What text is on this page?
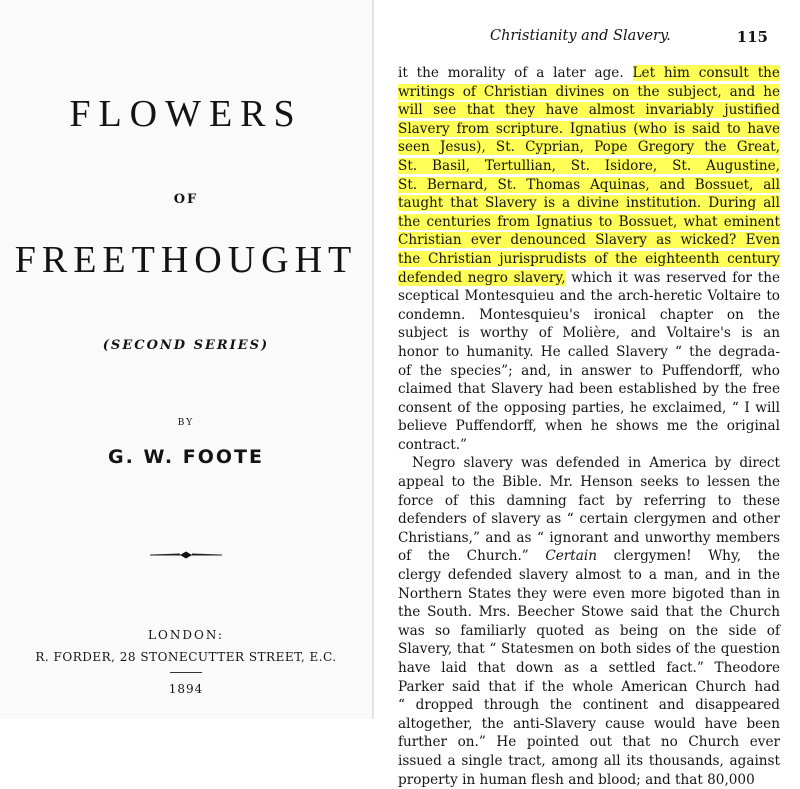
FLOWERS
OF
FREETHOUGHT
(SECOND SERIES)
BY
G. W. FOOTE
LONDON:
R. FORDER, 28 STONECUTTER STREET, E.C.
1894
Christianity and Slavery.	115
it the morality of a later age. Let him consult the
writings of Christian divines on the subject, and he
will see that they have almost invariably justified
Slavery from scripture. Ignatius (who is said to have
seen Jesus), St. Cyprian, Pope Gregory the Great,
St. Basil, Tertullian, St. Isidore, St. Augustine,
St. Bernard, St. Thomas Aquinas, and Bossuet, all
taught that Slavery is a divine institution. During all
the centuries from Ignatius to Bossuet, what eminent
Christian ever denounced Slavery as wicked? Even
the Christian jurisprudists of the eighteenth century
defended negro slavery, which it was reserved for the
sceptical Montesquieu and the arch-heretic Voltaire to
condemn. Montesquieu's ironical chapter on the
subject is worthy of Molière, and Voltaire's is an
honor to humanity. He called Slavery “ the degrada-
of the species”; and, in answer to Puffendorff, who
claimed that Slavery had been established by the free
consent of the opposing parties, he exclaimed, “ I will
believe Puffendorff, when he shows me the original
contract.”
Negro slavery was defended in America by direct
appeal to the Bible. Mr. Henson seeks to lessen the
force of this damning fact by referring to these
defenders of slavery as “ certain clergymen and other
Christians,” and as “ ignorant and unworthy members
of the Church.” Certain clergymen! Why, the
clergy defended slavery almost to a man, and in the
Northern States they were even more bigoted than in
the South. Mrs. Beecher Stowe said that the Church
was so familiarly quoted as being on the side of
Slavery, that “ Statesmen on both sides of the question
have laid that down as a settled fact.” Theodore
Parker said that if the whole American Church had
“ dropped through the continent and disappeared
altogether, the anti-Slavery cause would have been
further on.” He pointed out that no Church ever
issued a single tract, among all its thousands, against
property in human flesh and blood; and that 80,000
